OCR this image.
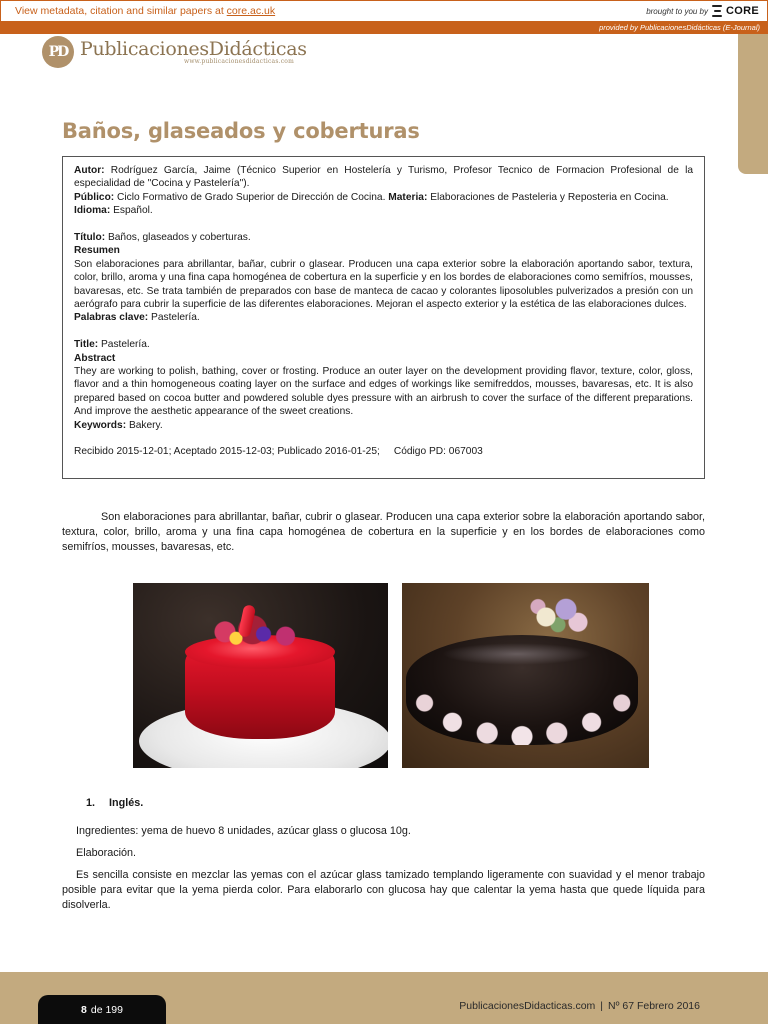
View metadata, citation and similar papers at core.ac.uk	brought to you by CORE
provided by PublicacionesDidácticas (E-Journal)
PD PublicacionesDidácticas
www.publicacionesdidacticas.com
Baños, glaseados y coberturas

Autor: Rodríguez García, Jaime (Técnico Superior en Hostelería y Turismo, Profesor Tecnico de Formacion Profesional de la especialidad de "Cocina y Pastelería").

Público: Ciclo Formativo de Grado Superior de Dirección de Cocina. Materia: Elaboraciones de Pasteleria y Reposteria en Cocina.

Idioma: Español.

Título: Baños, glaseados y coberturas.

Resumen

Son elaboraciones para abrillantar, bañar, cubrir o glasear. Producen una capa exterior sobre la elaboración aportando sabor, textura, color, brillo, aroma y una fina capa homogénea de cobertura en la superficie y en los bordes de elaboraciones como semifríos, mousses, bavaresas, etc. Se trata también de preparados con base de manteca de cacao y colorantes liposolubles pulverizados a presión con un aerógrafo para cubrir la superficie de las diferentes elaboraciones. Mejoran el aspecto exterior y la estética de las elaboraciones dulces.

Palabras clave: Pastelería.

Title: Pastelería.

Abstract

They are working to polish, bathing, cover or frosting. Produce an outer layer on the development providing flavor, texture, color, gloss, flavor and a thin homogeneous coating layer on the surface and edges of workings like semifreddos, mousses, bavaresas, etc. It is also prepared based on cocoa butter and powdered soluble dyes pressure with an airbrush to cover the surface of the different preparations. And improve the aesthetic appearance of the sweet creations.

Keywords: Bakery.

Recibido 2015-12-01; Aceptado 2015-12-03; Publicado 2016-01-25; Código PD: 067003

Son elaboraciones para abrillantar, bañar, cubrir o glasear. Producen una capa exterior sobre la elaboración aportando sabor, textura, color, brillo, aroma y una fina capa homogénea de cobertura en la superficie y en los bordes de elaboraciones como semifríos, mousses, bavaresas, etc.

1. Inglés.

Ingredientes: yema de huevo 8 unidades, azúcar glass o glucosa 10g.

Elaboración.

Es sencilla consiste en mezclar las yemas con el azúcar glass tamizado templando ligeramente con suavidad y el menor trabajo posible para evitar que la yema pierda color. Para elaborarlo con glucosa hay que calentar la yema hasta que quede líquida para disolverla.

8 de 199	PublicacionesDidacticas.com | Nº 67 Febrero 2016
